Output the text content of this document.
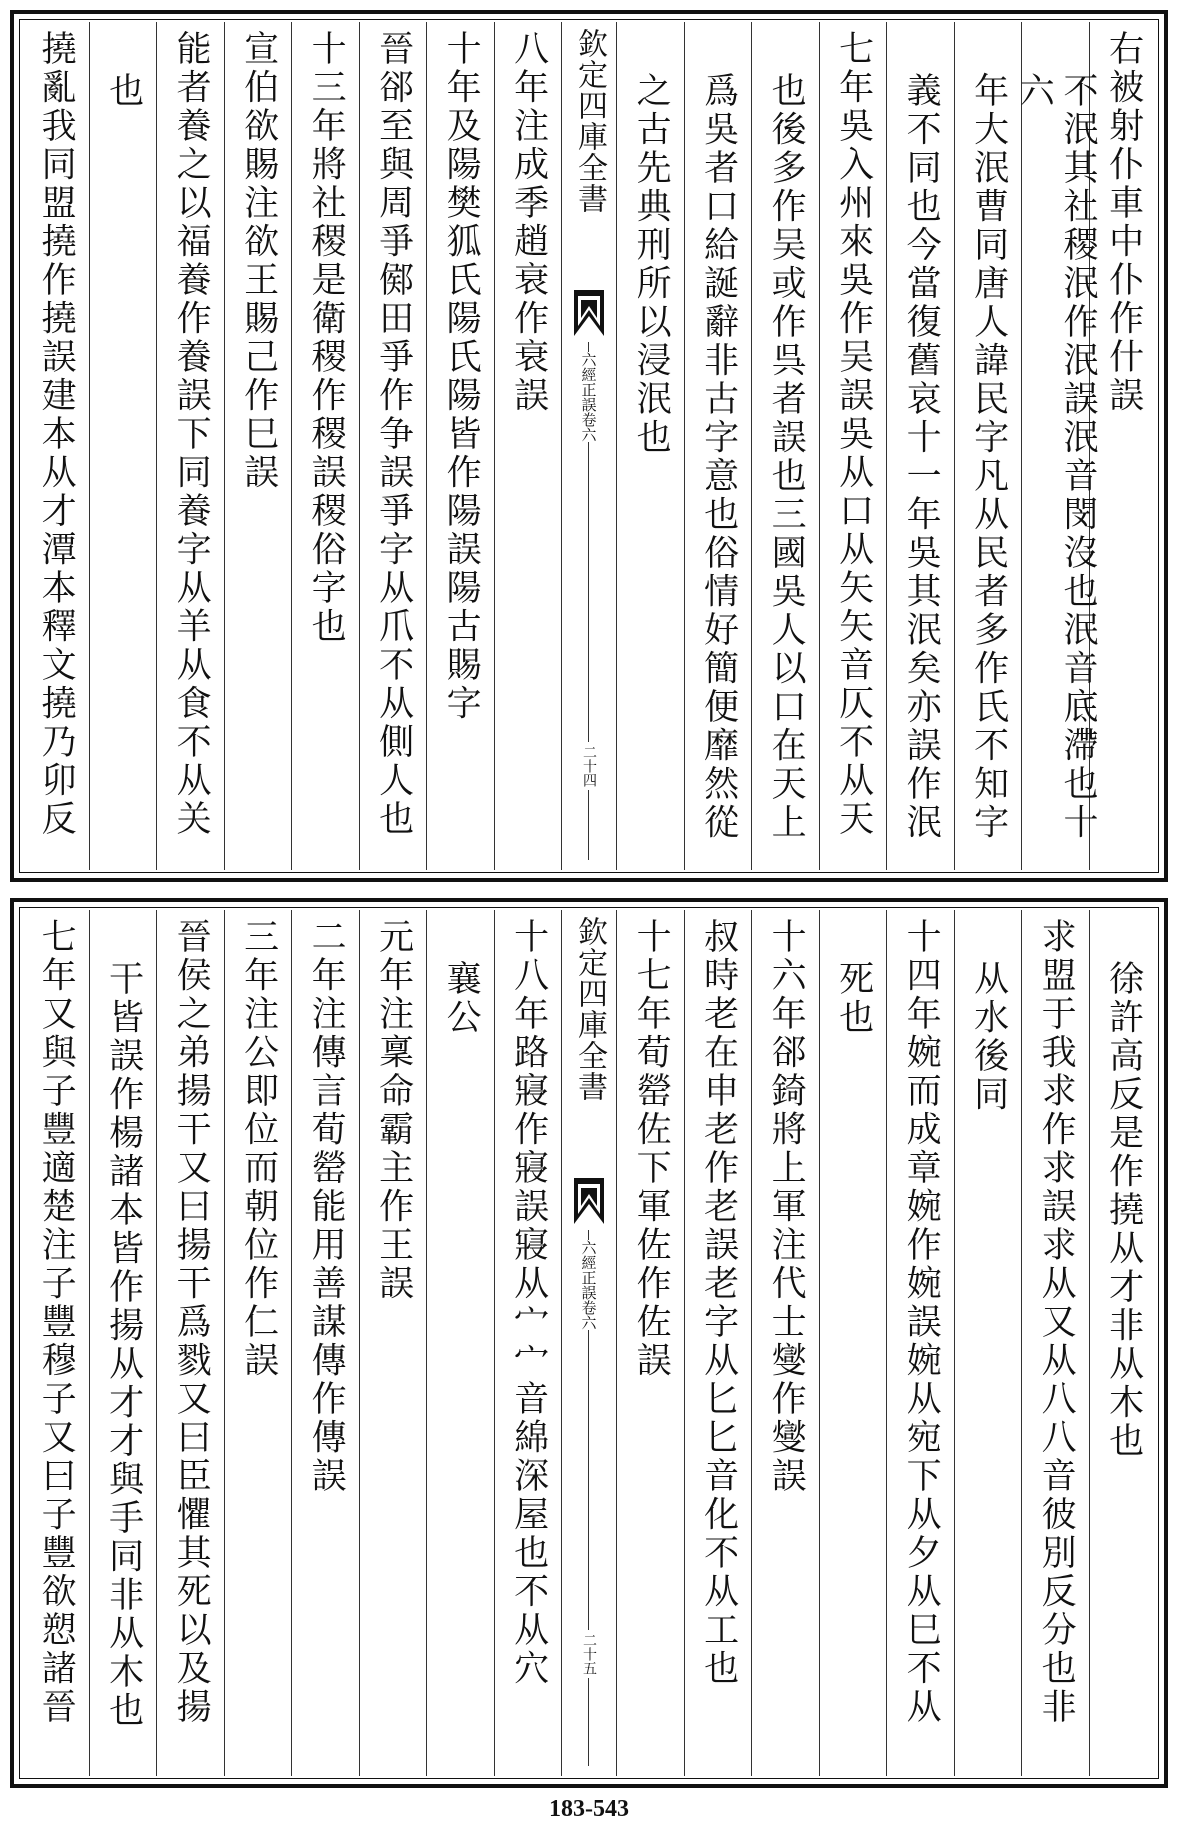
右被射仆車中仆作什誤
不泯其社稷泯作泯誤泯音閔沒也泯音底滯也十六
年大泯曹同唐人諱民字凡从民者多作氏不知字
義不同也今當復舊哀十一年吳其泯矣亦誤作泯
七年吳入州來吳作吴誤吳从口从矢矢音仄不从天
也後多作吴或作呉者誤也三國吳人以口在天上
爲吳者口給誕辭非古字意也俗情好簡便靡然從
之古先典刑所以浸泯也
欽定四庫全書
六經正誤
卷六
二十四
八年注成季趙衰作衰誤
十年及陽樊狐氏陽氏陽皆作陽誤陽古賜字
晉郤至與周爭鄇田爭作争誤爭字从爪不从側人也
十三年將社稷是衛稷作稷誤稷俗字也
宣伯欲賜注欲王賜己作巳誤
能者養之以福養作養誤下同養字从羊从食不从关
也
撓亂我同盟撓作撓誤建本从才潭本釋文撓乃卯反
徐許高反是作撓从才非从木也
求盟于我求作求誤求从又从八八音彼別反分也非
从水後同
十四年婉而成章婉作婉誤婉从宛下从夕从巳不从
死也
十六年郤錡將上軍注代士燮作燮誤
叔時老在申老作老誤老字从匕匕音化不从工也
十七年荀罃佐下軍佐作佐誤
欽定四庫全書
六經正誤
卷六
二十五
十八年路寢作寢誤寢从宀宀音綿深屋也不从穴
襄公
元年注稟命霸主作王誤
二年注傳言荀罃能用善謀傳作傳誤
三年注公即位而朝位作仁誤
晉侯之弟揚干又曰揚干爲戮又曰臣懼其死以及揚
干皆誤作楊諸本皆作揚从才才與手同非从木也
七年又與子豐適楚注子豐穆子又曰子豐欲愬諸晉
183-543
